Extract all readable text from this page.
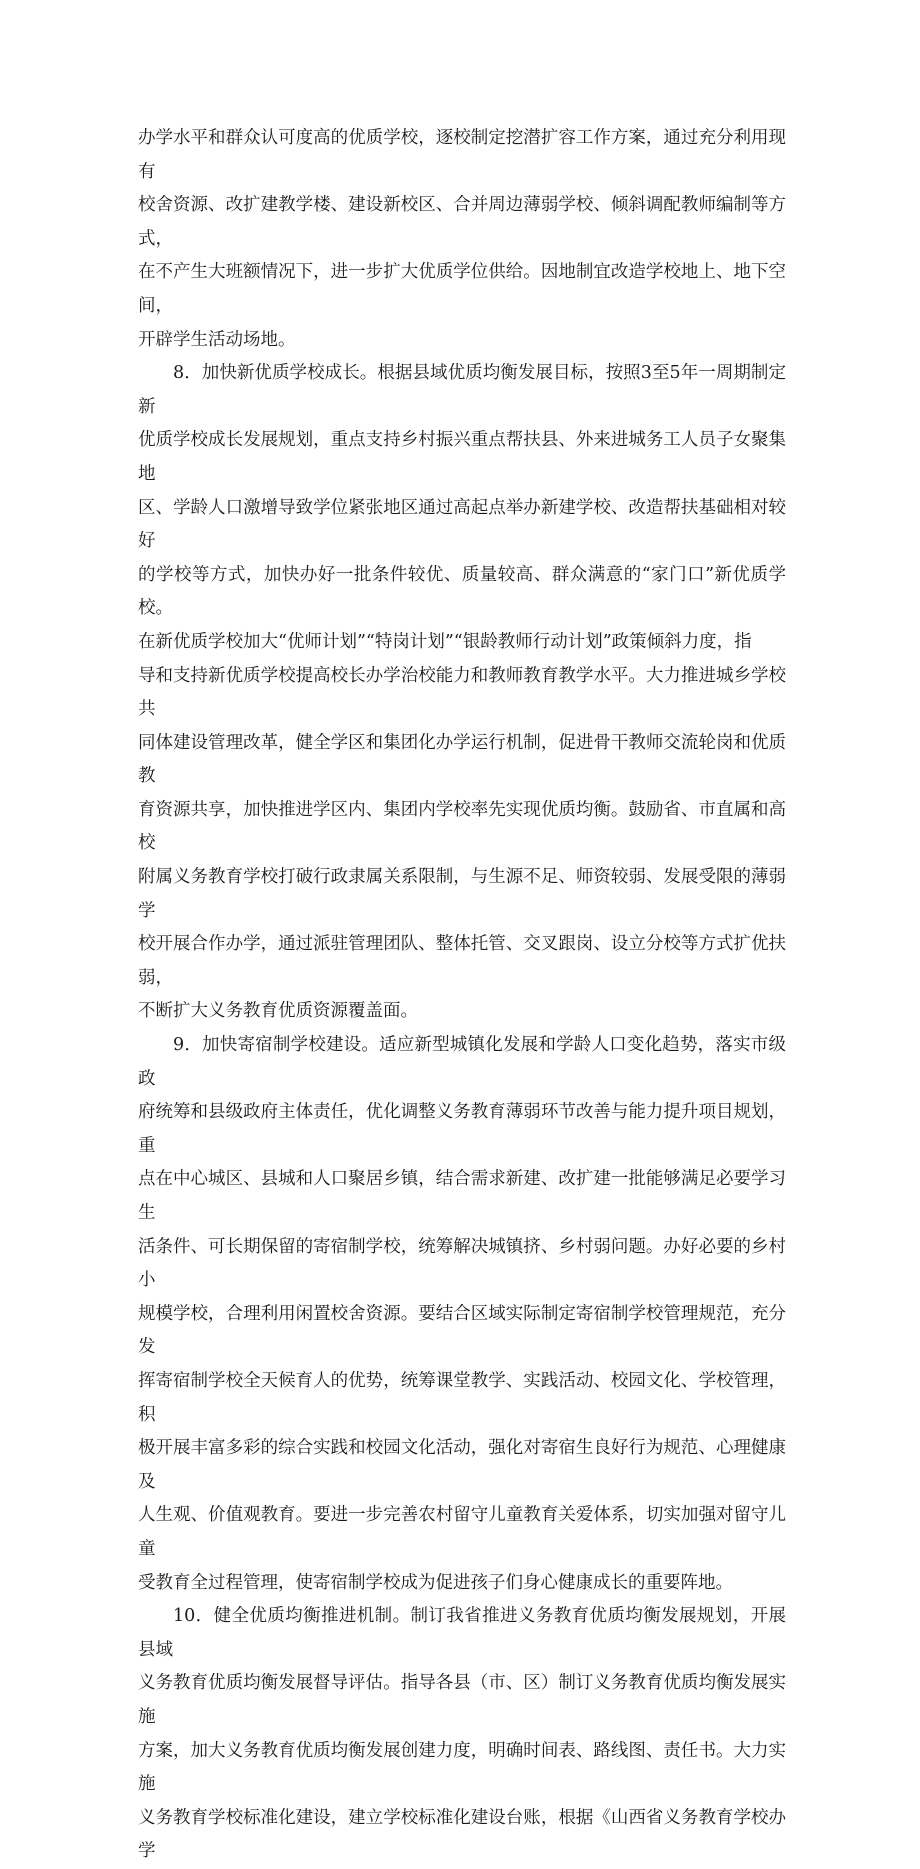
办学水平和群众认可度高的优质学校，逐校制定挖潜扩容工作方案，通过充分利用现有
校舍资源、改扩建教学楼、建设新校区、合并周边薄弱学校、倾斜调配教师编制等方式，
在不产生大班额情况下，进一步扩大优质学位供给。因地制宜改造学校地上、地下空间，
开辟学生活动场地。

8．加快新优质学校成长。根据县域优质均衡发展目标，按照3至5年一周期制定新
优质学校成长发展规划，重点支持乡村振兴重点帮扶县、外来进城务工人员子女聚集地
区、学龄人口激增导致学位紧张地区通过高起点举办新建学校、改造帮扶基础相对较好
的学校等方式，加快办好一批条件较优、质量较高、群众满意的“家门口”新优质学校。
在新优质学校加大“优师计划”“特岗计划”“银龄教师行动计划”政策倾斜力度，指
导和支持新优质学校提高校长办学治校能力和教师教育教学水平。大力推进城乡学校共
同体建设管理改革，健全学区和集团化办学运行机制，促进骨干教师交流轮岗和优质教
育资源共享，加快推进学区内、集团内学校率先实现优质均衡。鼓励省、市直属和高校
附属义务教育学校打破行政隶属关系限制，与生源不足、师资较弱、发展受限的薄弱学
校开展合作办学，通过派驻管理团队、整体托管、交叉跟岗、设立分校等方式扩优扶弱，
不断扩大义务教育优质资源覆盖面。

9．加快寄宿制学校建设。适应新型城镇化发展和学龄人口变化趋势，落实市级政
府统筹和县级政府主体责任，优化调整义务教育薄弱环节改善与能力提升项目规划，重
点在中心城区、县城和人口聚居乡镇，结合需求新建、改扩建一批能够满足必要学习生
活条件、可长期保留的寄宿制学校，统筹解决城镇挤、乡村弱问题。办好必要的乡村小
规模学校，合理利用闲置校舍资源。要结合区域实际制定寄宿制学校管理规范，充分发
挥寄宿制学校全天候育人的优势，统筹课堂教学、实践活动、校园文化、学校管理，积
极开展丰富多彩的综合实践和校园文化活动，强化对寄宿生良好行为规范、心理健康及
人生观、价值观教育。要进一步完善农村留守儿童教育关爱体系，切实加强对留守儿童
受教育全过程管理，使寄宿制学校成为促进孩子们身心健康成长的重要阵地。

10．健全优质均衡推进机制。制订我省推进义务教育优质均衡发展规划，开展县域
义务教育优质均衡发展督导评估。指导各县（市、区）制订义务教育优质均衡发展实施
方案，加大义务教育优质均衡发展创建力度，明确时间表、路线图、责任书。大力实施
义务教育学校标准化建设，建立学校标准化建设台账，根据《山西省义务教育学校办学
